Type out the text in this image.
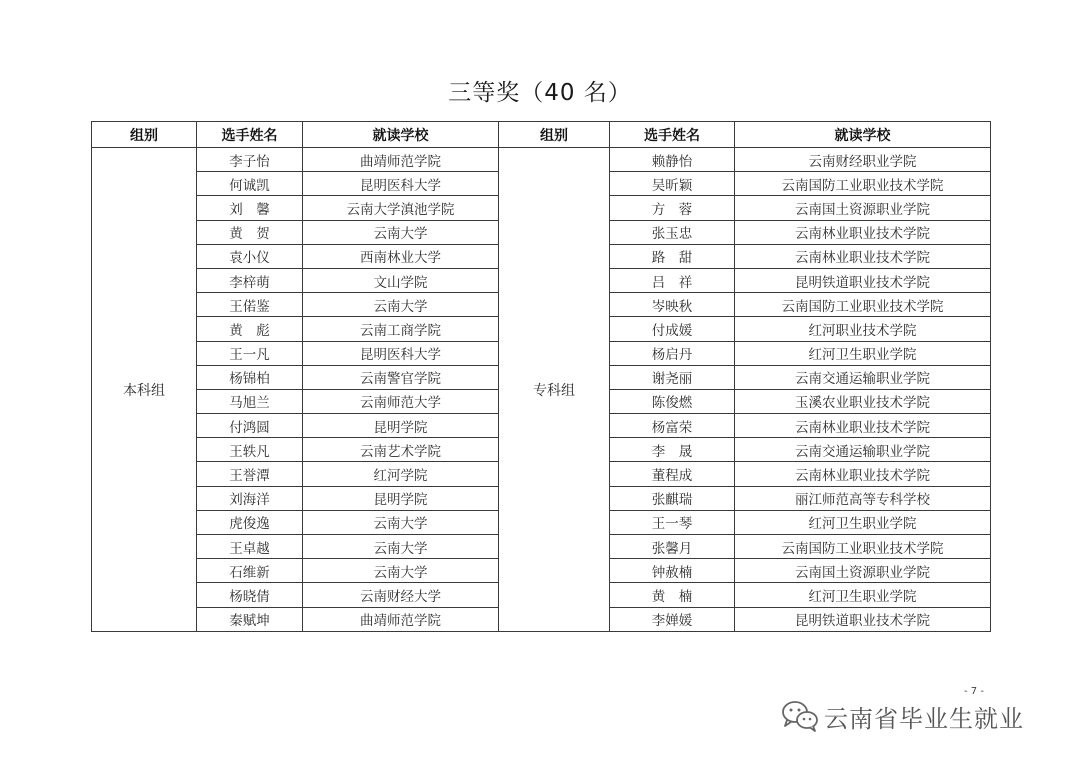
三等奖（40 名）
组别	选手姓名	就读学校	组别	选手姓名	就读学校
本科组	李子怡	曲靖师范学院	专科组	赖静怡	云南财经职业学院
	何诚凯	昆明医科大学		吴昕颖	云南国防工业职业技术学院
	刘　馨	云南大学滇池学院		方　蓉	云南国土资源职业学院
	黄　贺	云南大学		张玉忠	云南林业职业技术学院
	袁小仪	西南林业大学		路　甜	云南林业职业技术学院
	李梓萌	文山学院		吕　祥	昆明铁道职业技术学院
	王偌鉴	云南大学		岑映秋	云南国防工业职业技术学院
	黄　彪	云南工商学院		付成媛	红河职业技术学院
	王一凡	昆明医科大学		杨启丹	红河卫生职业学院
	杨锦柏	云南警官学院		谢尧丽	云南交通运输职业学院
	马旭兰	云南师范大学		陈俊燃	玉溪农业职业技术学院
	付鸿圆	昆明学院		杨富荣	云南林业职业技术学院
	王轶凡	云南艺术学院		李　晟	云南交通运输职业学院
	王誉潭	红河学院		董程成	云南林业职业技术学院
	刘海洋	昆明学院		张麒瑞	丽江师范高等专科学校
	虎俊逸	云南大学		王一琴	红河卫生职业学院
	王卓越	云南大学		张馨月	云南国防工业职业技术学院
	石维新	云南大学		钟赦楠	云南国土资源职业学院
	杨晓倩	云南财经大学		黄　楠	红河卫生职业学院
	秦赋坤	曲靖师范学院		李婵媛	昆明铁道职业技术学院
- 7 -
云南省毕业生就业
